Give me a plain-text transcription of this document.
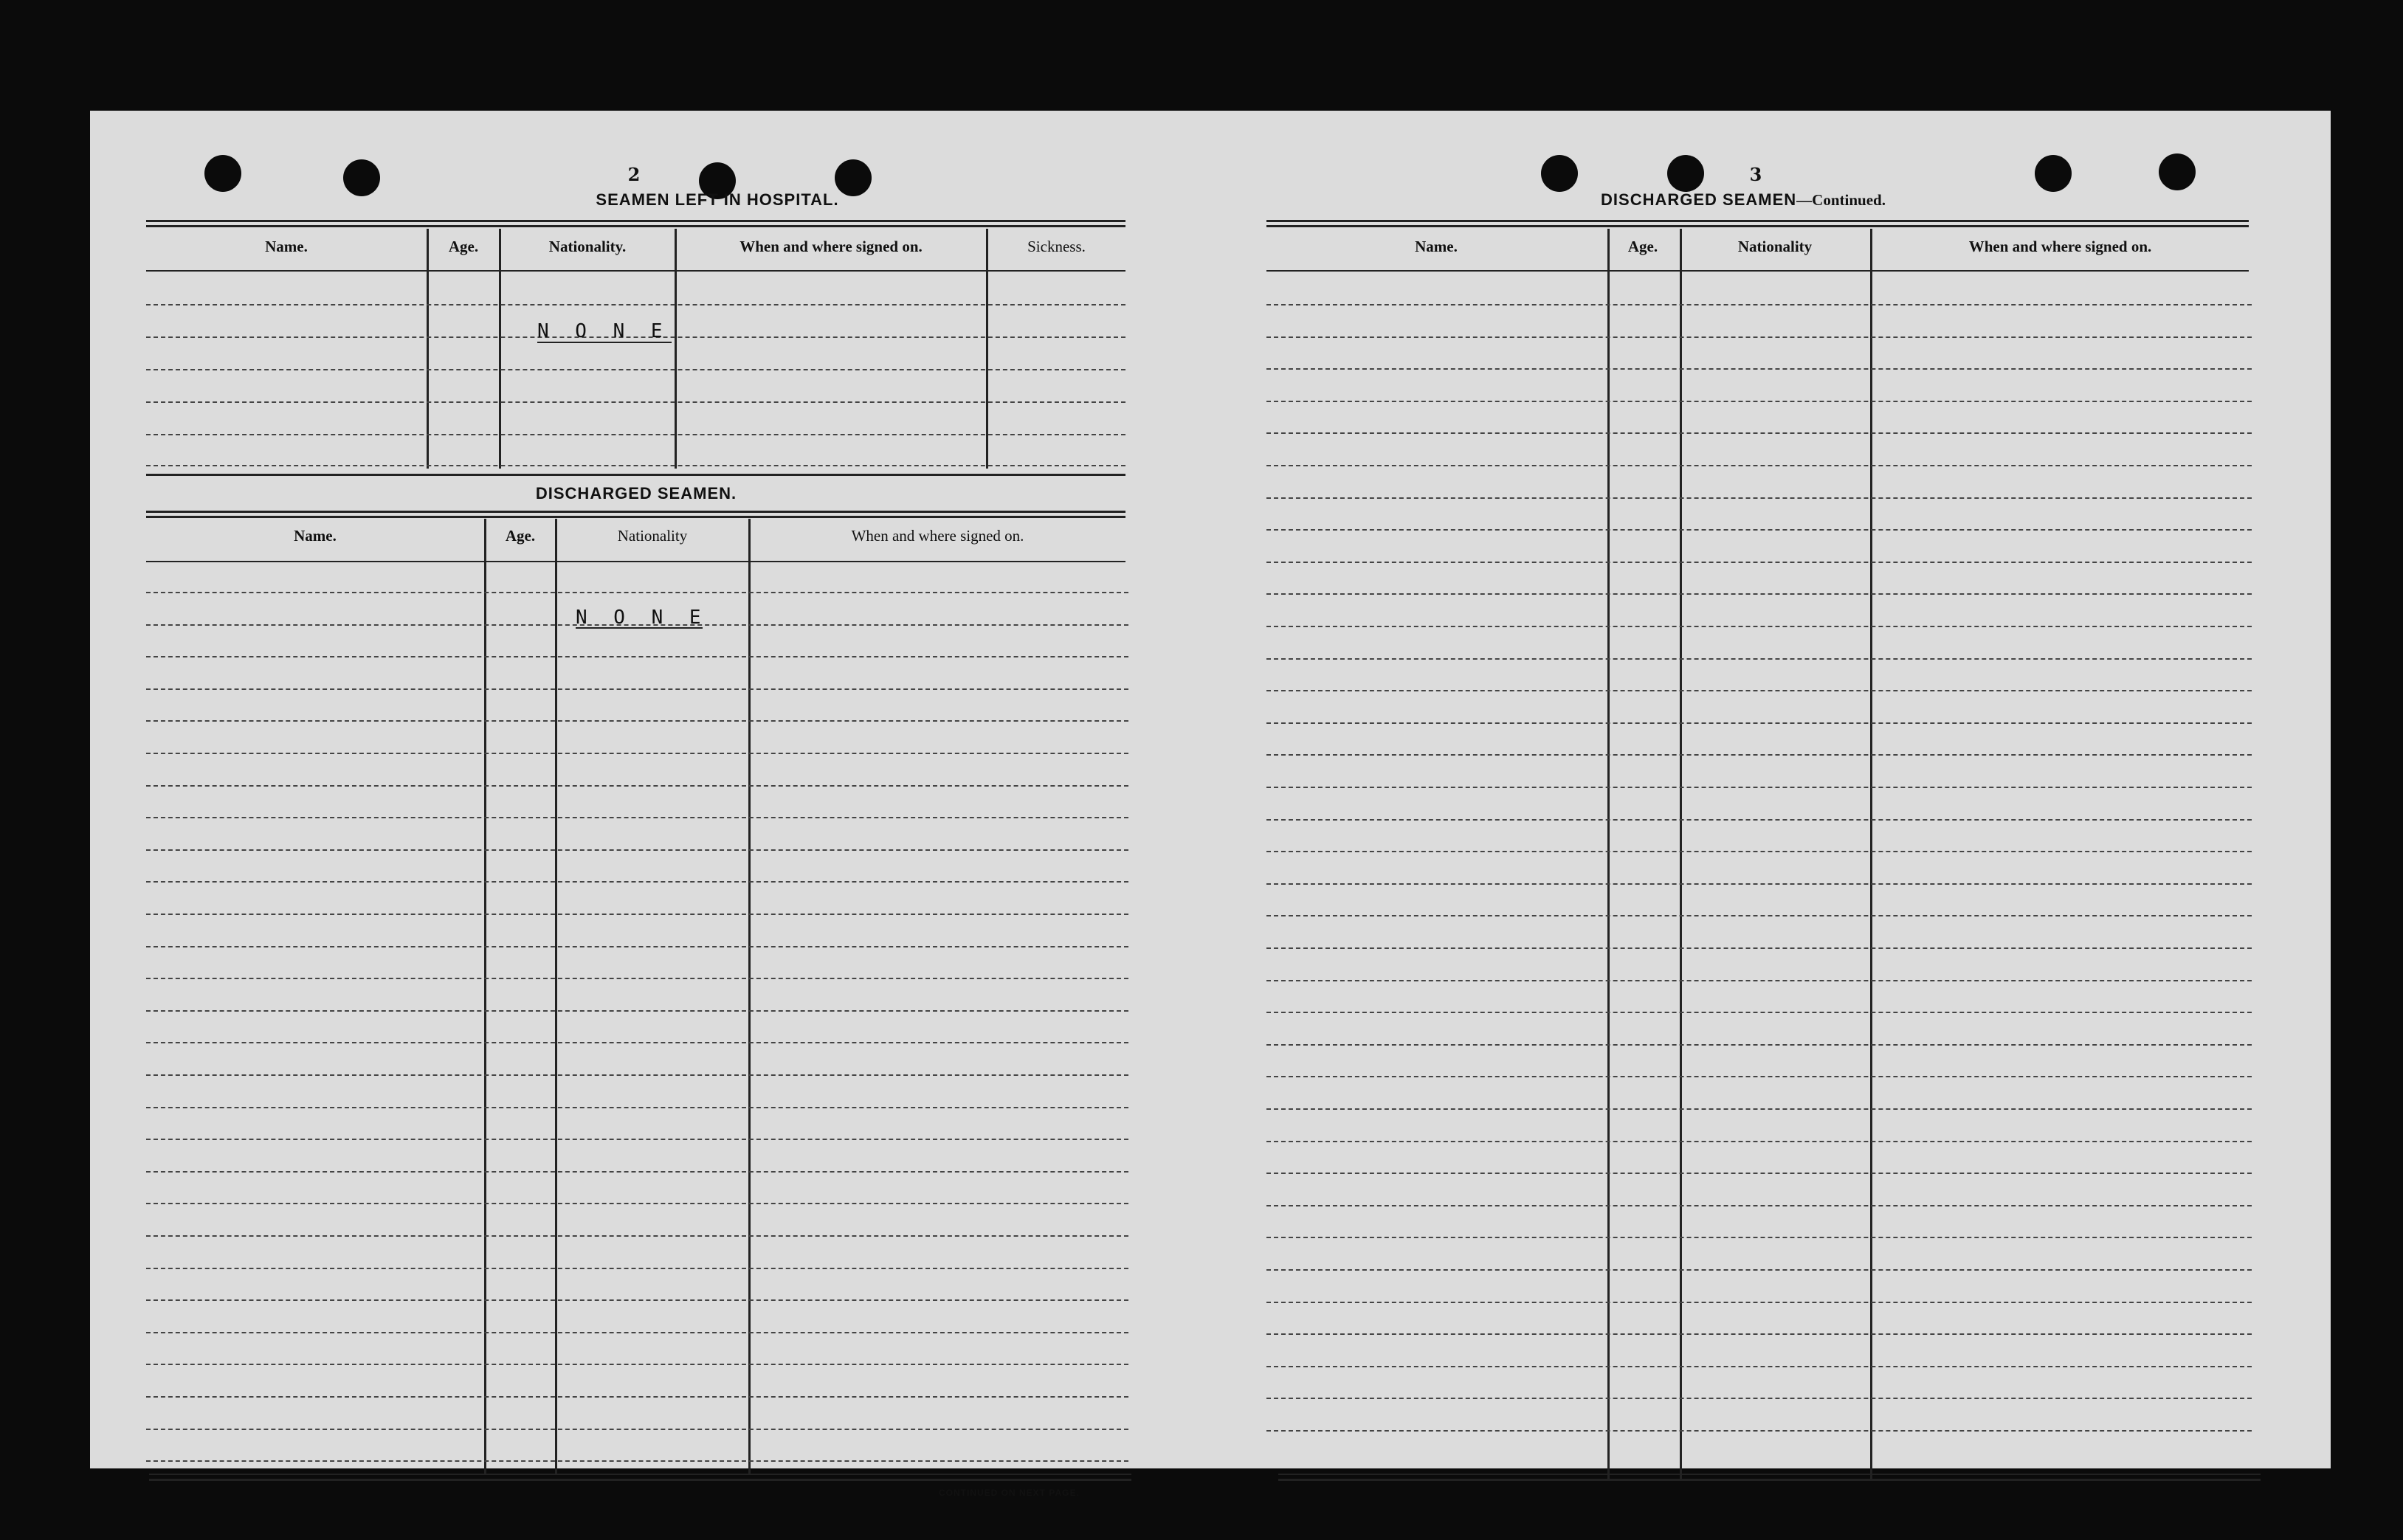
2
SEAMEN LEFT IN HOSPITAL.
Name.	Age.	Nationality.	When and where signed on.	Sickness.
N O N E
DISCHARGED SEAMEN.
Name.	Age.	Nationality	When and where signed on.
N O N E
CONTINUED ON NEXT PAGE.
3
DISCHARGED SEAMEN—Continued.
Name.	Age.	Nationality	When and where signed on.
